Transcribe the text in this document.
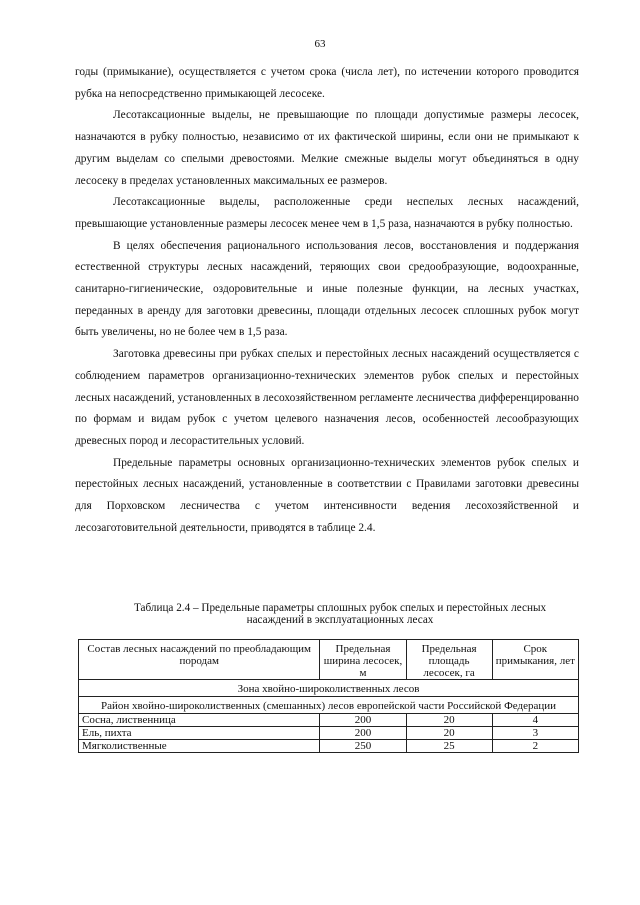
63

годы (примыкание), осуществляется с учетом срока (числа лет), по истечении которого проводится рубка на непосредственно примыкающей лесосеке.

Лесотаксационные выделы, не превышающие по площади допустимые размеры лесосек, назначаются в рубку полностью, независимо от их фактической ширины, если они не примыкают к другим выделам со спелыми древостоями. Мелкие смежные выделы могут объединяться в одну лесосеку в пределах установленных максимальных ее размеров.

Лесотаксационные выделы, расположенные среди неспелых лесных насаждений, превышающие установленные размеры лесосек менее чем в 1,5 раза, назначаются в рубку полностью.

В целях обеспечения рационального использования лесов, восстановления и поддержания естественной структуры лесных насаждений, теряющих свои средообразующие, водоохранные, санитарно-гигиенические, оздоровительные и иные полезные функции, на лесных участках, переданных в аренду для заготовки древесины, площади отдельных лесосек сплошных рубок могут быть увеличены, но не более чем в 1,5 раза.

Заготовка древесины при рубках спелых и перестойных лесных насаждений осуществляется с соблюдением параметров организационно-технических элементов рубок спелых и перестойных лесных насаждений, установленных в лесохозяйственном регламенте лесничества дифференцированно по формам и видам рубок с учетом целевого назначения лесов, особенностей лесообразующих древесных пород и лесорастительных условий.

Предельные параметры основных организационно-технических элементов рубок спелых и перестойных лесных насаждений, установленные в соответствии с Правилами заготовки древесины для Порховском лесничества с учетом интенсивности ведения лесохозяйственной и лесозаготовительной деятельности, приводятся в таблице 2.4.

Таблица 2.4 – Предельные параметры сплошных рубок спелых и перестойных лесных насаждений в эксплуатационных лесах
Состав лесных насаждений по преобладающим породам	Предельная ширина лесосек, м	Предельная площадь лесосек, га	Срок примыкания, лет
Зона хвойно-широколиственных лесов			
Район хвойно-широколиственных (смешанных) лесов европейской части Российской Федерации			
Сосна, лиственница	200	20	4
Ель, пихта	200	20	3
Мягколиственные	250	25	2
